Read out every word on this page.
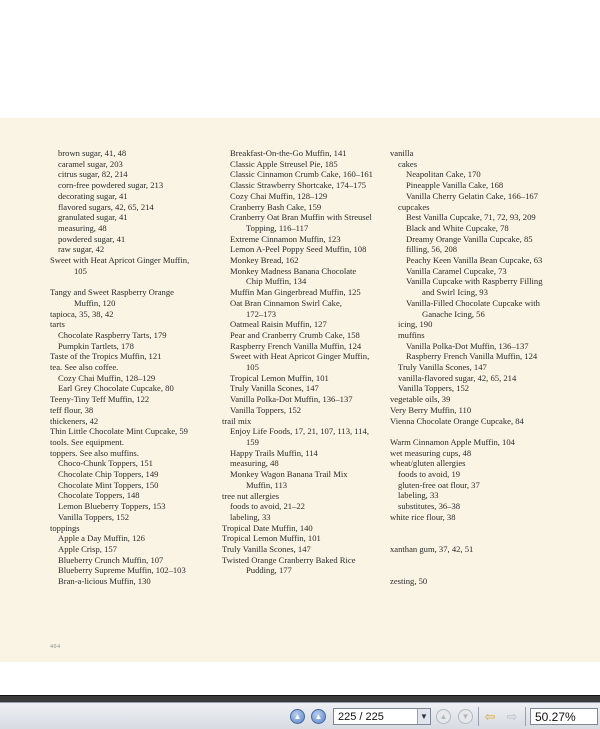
brown sugar, 41, 48
caramel sugar, 203
citrus sugar, 82, 214
corn-free powdered sugar, 213
decorating sugar, 41
flavored sugars, 42, 65, 214
granulated sugar, 41
measuring, 48
powdered sugar, 41
raw sugar, 42
Sweet with Heat Apricot Ginger Muffin,
105
Tangy and Sweet Raspberry Orange
Muffin, 120
tapioca, 35, 38, 42
tarts
Chocolate Raspberry Tarts, 179
Pumpkin Tartlets, 178
Taste of the Tropics Muffin, 121
tea. See also coffee.
Cozy Chai Muffin, 128–129
Earl Grey Chocolate Cupcake, 80
Teeny-Tiny Teff Muffin, 122
teff flour, 38
thickeners, 42
Thin Little Chocolate Mint Cupcake, 59
tools. See equipment.
toppers. See also muffins.
Choco-Chunk Toppers, 151
Chocolate Chip Toppers, 149
Chocolate Mint Toppers, 150
Chocolate Toppers, 148
Lemon Blueberry Toppers, 153
Vanilla Toppers, 152
toppings
Apple a Day Muffin, 126
Apple Crisp, 157
Blueberry Crunch Muffin, 107
Blueberry Supreme Muffin, 102–103
Bran-a-licious Muffin, 130
Breakfast-On-the-Go Muffin, 141
Classic Apple Streusel Pie, 185
Classic Cinnamon Crumb Cake, 160–161
Classic Strawberry Shortcake, 174–175
Cozy Chai Muffin, 128–129
Cranberry Bash Cake, 159
Cranberry Oat Bran Muffin with Streusel
Topping, 116–117
Extreme Cinnamon Muffin, 123
Lemon A-Peel Poppy Seed Muffin, 108
Monkey Bread, 162
Monkey Madness Banana Chocolate
Chip Muffin, 134
Muffin Man Gingerbread Muffin, 125
Oat Bran Cinnamon Swirl Cake,
172–173
Oatmeal Raisin Muffin, 127
Pear and Cranberry Crumb Cake, 158
Raspberry French Vanilla Muffin, 124
Sweet with Heat Apricot Ginger Muffin,
105
Tropical Lemon Muffin, 101
Truly Vanilla Scones, 147
Vanilla Polka-Dot Muffin, 136–137
Vanilla Toppers, 152
trail mix
Enjoy Life Foods, 17, 21, 107, 113, 114,
159
Happy Trails Muffin, 114
measuring, 48
Monkey Wagon Banana Trail Mix
Muffin, 113
tree nut allergies
foods to avoid, 21–22
labeling, 33
Tropical Date Muffin, 140
Tropical Lemon Muffin, 101
Truly Vanilla Scones, 147
Twisted Orange Cranberry Baked Rice
Pudding, 177
vanilla
cakes
Neapolitan Cake, 170
Pineapple Vanilla Cake, 168
Vanilla Cherry Gelatin Cake, 166–167
cupcakes
Best Vanilla Cupcake, 71, 72, 93, 209
Black and White Cupcake, 78
Dreamy Orange Vanilla Cupcake, 85
filling, 56, 208
Peachy Keen Vanilla Bean Cupcake, 63
Vanilla Caramel Cupcake, 73
Vanilla Cupcake with Raspberry Filling
and Swirl Icing, 93
Vanilla-Filled Chocolate Cupcake with
Ganache Icing, 56
icing, 190
muffins
Vanilla Polka-Dot Muffin, 136–137
Raspberry French Vanilla Muffin, 124
Truly Vanilla Scones, 147
vanilla-flavored sugar, 42, 65, 214
Vanilla Toppers, 152
vegetable oils, 39
Very Berry Muffin, 110
Vienna Chocolate Orange Cupcake, 84
Warm Cinnamon Apple Muffin, 104
wet measuring cups, 48
wheat/gluten allergies
foods to avoid, 19
gluten-free oat flour, 37
labeling, 33
substitutes, 36–38
white rice flour, 38
xanthan gum, 37, 42, 51
zesting, 50
404
▲	▲	225 / 225	▼	▲	▼ ⇦ ⇨ 50.27%
